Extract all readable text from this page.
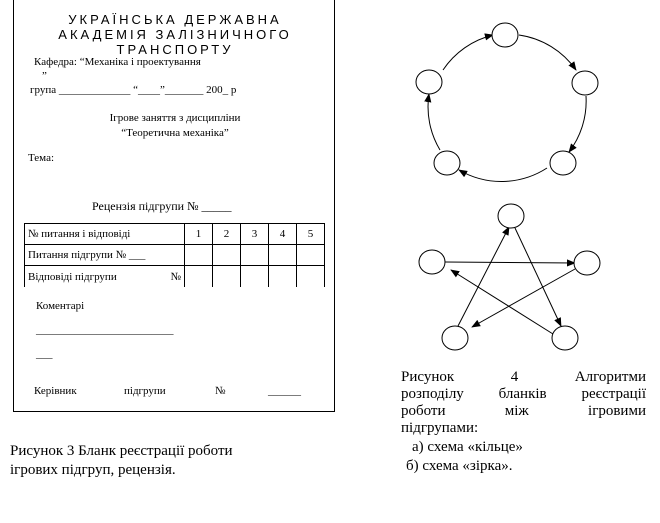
УКРАЇНСЬКА ДЕРЖАВНА
АКАДЕМІЯ ЗАЛІЗНИЧНОГО
ТРАНСПОРТУ
Кафедра: “Механіка і проектування
”
група _____________ “____”_______ 200_ р
Ігрове заняття з дисципліни
“Теоретична механіка”
Тема:
Рецензія підгрупи № _____
№ питання і відповіді	1	2	3	4	5
Питання підгрупи № ___					

Відповіді підгрупи №					

Коментарі
_________________________
___
Керівник	підгрупи	№	______
Рисунок 3 Бланк реєстрації роботи
ігрових підгруп, рецензія.
Рисунок	4	Алгоритми
розподілу бланків реєстрації
роботи	між	ігровими
підгрупами:
а) схема «кільце»
б) схема «зірка».
